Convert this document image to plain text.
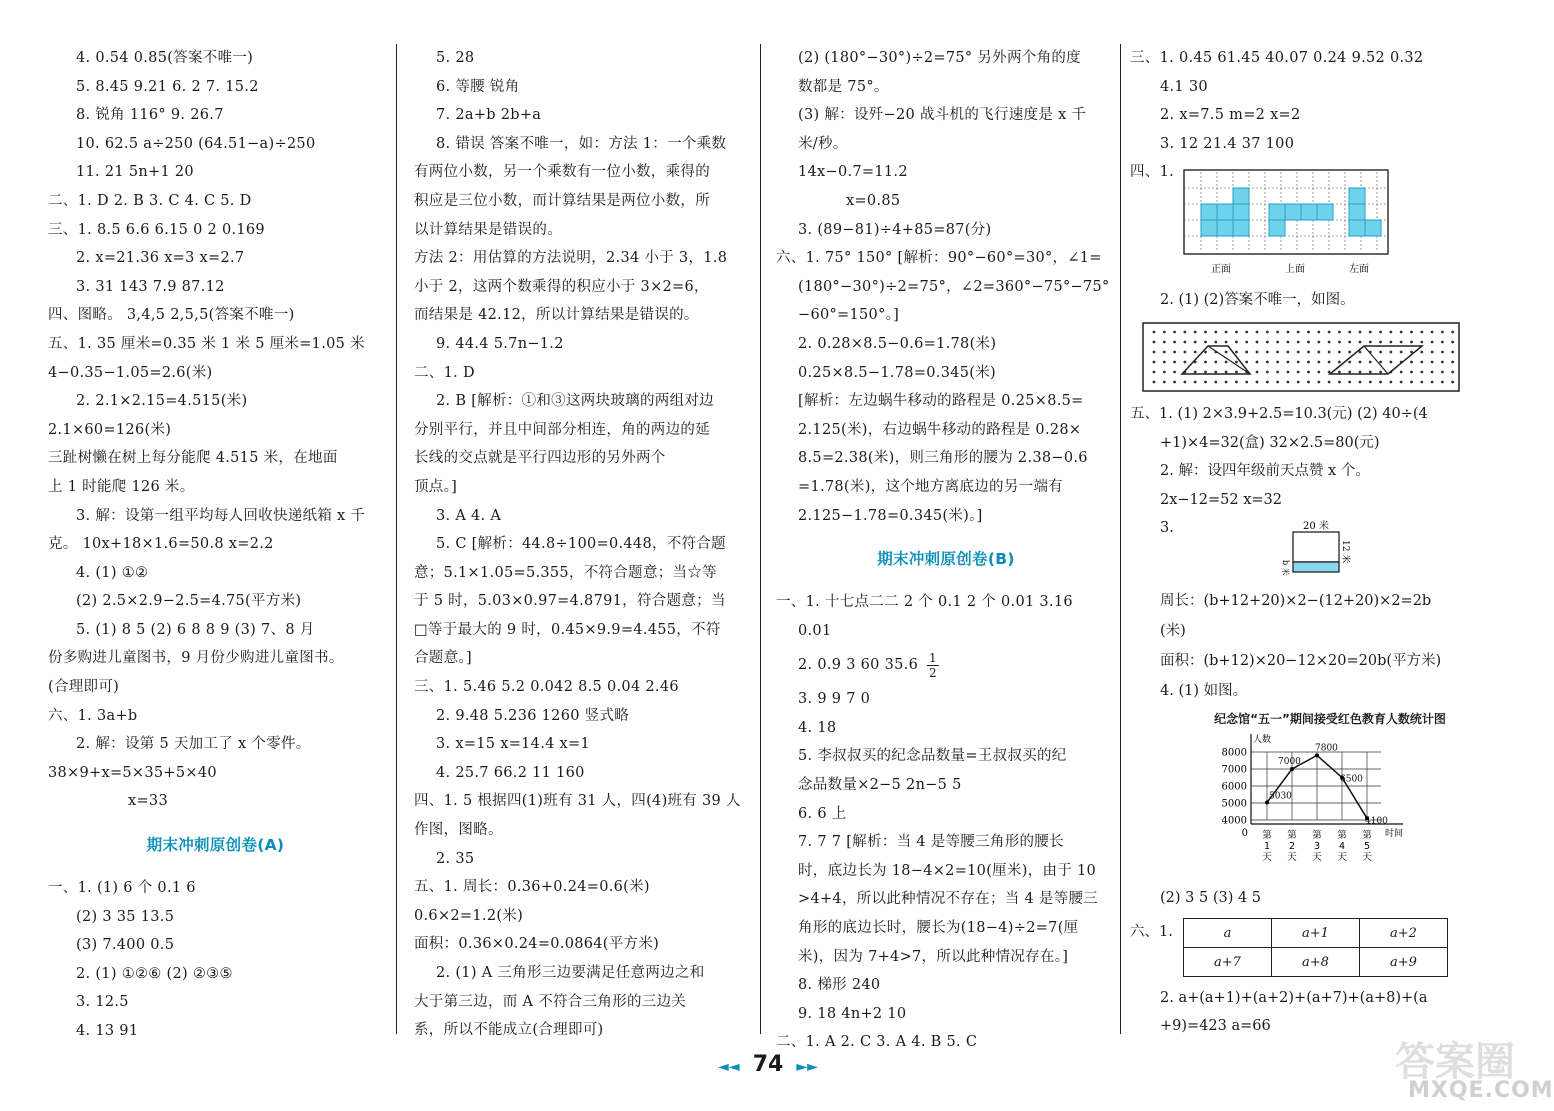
4. 0.54 0.85(答案不唯一)
5. 8.45 9.21 6. 2 7. 15.2
8. 锐角 116° 9. 26.7
10. 62.5 a÷250 (64.51−a)÷250
11. 21 5n+1 20
二、1. D 2. B 3. C 4. C 5. D
三、1. 8.5 6.6 6.15 0 2 0.169
2. x=21.36 x=3 x=2.7
3. 31 143 7.9 87.12
四、图略。 3,4,5 2,5,5(答案不唯一)
五、1. 35 厘米=0.35 米 1 米 5 厘米=1.05 米
4−0.35−1.05=2.6(米)
2. 2.1×2.15=4.515(米)
2.1×60=126(米)
三趾树懒在树上每分能爬 4.515 米，在地面
上 1 时能爬 126 米。
3. 解：设第一组平均每人回收快递纸箱 x 千
克。 10x+18×1.6=50.8 x=2.2
4. (1) ①②
(2) 2.5×2.9−2.5=4.75(平方米)
5. (1) 8 5 (2) 6 8 8 9 (3) 7、8 月
份多购进儿童图书，9 月份少购进儿童图书。
(合理即可)
六、1. 3a+b
2. 解：设第 5 天加工了 x 个零件。
38×9+x=5×35+5×40
x=33
期末冲刺原创卷(A)
一、1. (1) 6 个 0.1 6
(2) 3 35 13.5
(3) 7.400 0.5
2. (1) ①②⑥ (2) ②③⑤
3. 12.5
4. 13 91
5. 28
6. 等腰 锐角
7. 2a+b 2b+a
8. 错误 答案不唯一，如：方法 1：一个乘数
有两位小数，另一个乘数有一位小数，乘得的
积应是三位小数，而计算结果是两位小数，所
以计算结果是错误的。
方法 2：用估算的方法说明，2.34 小于 3，1.8
小于 2，这两个数乘得的积应小于 3×2=6，
而结果是 42.12，所以计算结果是错误的。
9. 44.4 5.7n−1.2
二、1. D
2. B [解析：①和③这两块玻璃的两组对边
分别平行，并且中间部分相连，角的两边的延
长线的交点就是平行四边形的另外两个
顶点。]
3. A 4. A
5. C [解析：44.8÷100=0.448，不符合题
意；5.1×1.05=5.355，不符合题意；当☆等
于 5 时，5.03×0.97=4.8791，符合题意；当
□等于最大的 9 时，0.45×9.9=4.455，不符
合题意。]
三、1. 5.46 5.2 0.042 8.5 0.04 2.46
2. 9.48 5.236 1260 竖式略
3. x=15 x=14.4 x=1
4. 25.7 66.2 11 160
四、1. 5 根据四(1)班有 31 人，四(4)班有 39 人
作图，图略。
2. 35
五、1. 周长：0.36+0.24=0.6(米)
0.6×2=1.2(米)
面积：0.36×0.24=0.0864(平方米)
2. (1) A 三角形三边要满足任意两边之和
大于第三边，而 A 不符合三角形的三边关
系，所以不能成立(合理即可)
(2) (180°−30°)÷2=75° 另外两个角的度
数都是 75°。
(3) 解：设歼−20 战斗机的飞行速度是 x 千
米/秒。
14x−0.7=11.2
x=0.85
3. (89−81)÷4+85=87(分)
六、1. 75° 150° [解析：90°−60°=30°，∠1=
(180°−30°)÷2=75°，∠2=360°−75°−75°
−60°=150°。]
2. 0.28×8.5−0.6=1.78(米)
0.25×8.5−1.78=0.345(米)
[解析：左边蜗牛移动的路程是 0.25×8.5=
2.125(米)，右边蜗牛移动的路程是 0.28×
8.5=2.38(米)，则三角形的腰为 2.38−0.6
=1.78(米)，这个地方离底边的另一端有
2.125−1.78=0.345(米)。]
期末冲刺原创卷(B)
一、1. 十七点二二 2 个 0.1 2 个 0.01 3.16
0.01
2. 0.9 3 60 $35.6 \frac{1}{2}$
3. 9 9 7 0
4. 18
5. 李叔叔买的纪念品数量=王叔叔买的纪
念品数量×2−5 2n−5 5
6. 6 上
7. 7 7 [解析：当 4 是等腰三角形的腰长
时，底边长为 18−4×2=10(厘米)，由于 10
>4+4，所以此种情况不存在；当 4 是等腰三
角形的底边长时，腰长为(18−4)÷2=7(厘
米)，因为 7+4>7，所以此种情况存在。]
8. 梯形 240
9. 18 4n+2 10
二、1. A 2. C 3. A 4. B 5. C
三、1. 0.45 61.45 40.07 0.24 9.52 0.32
4.1 30
2. x=7.5 m=2 x=2
3. 12 21.4 37 100
四、1.
正面	上面	左面
2. (1) (2)答案不唯一，如图。
五、1. (1) 2×3.9+2.5=10.3(元) (2) 40÷(4
+1)×4=32(盒) 32×2.5=80(元)
2. 解：设四年级前天点赞 x 个。
2x−12=52 x=32
3.	20 米
12 米
b 米
周长：(b+12+20)×2−(12+20)×2=2b
(米)
面积：(b+12)×20−12×20=20b(平方米)
4. (1) 如图。
纪念馆“五一”期间接受红色教育人数统计图
8000
7000
6000
5000
4000
人数
时间
0
5030
7000
7800
6500
4100
第
1
天
第
2
天
第
3
天
第
4
天
第
5
天
(2) 3 5 (3) 4 5
六、1.	a	a+1	a+2
a+7	a+8	a+9
2. a+(a+1)+(a+2)+(a+7)+(a+8)+(a
+9)=423 a=66
◄◄ 74 ►►	答案圈
MXQE.COM
